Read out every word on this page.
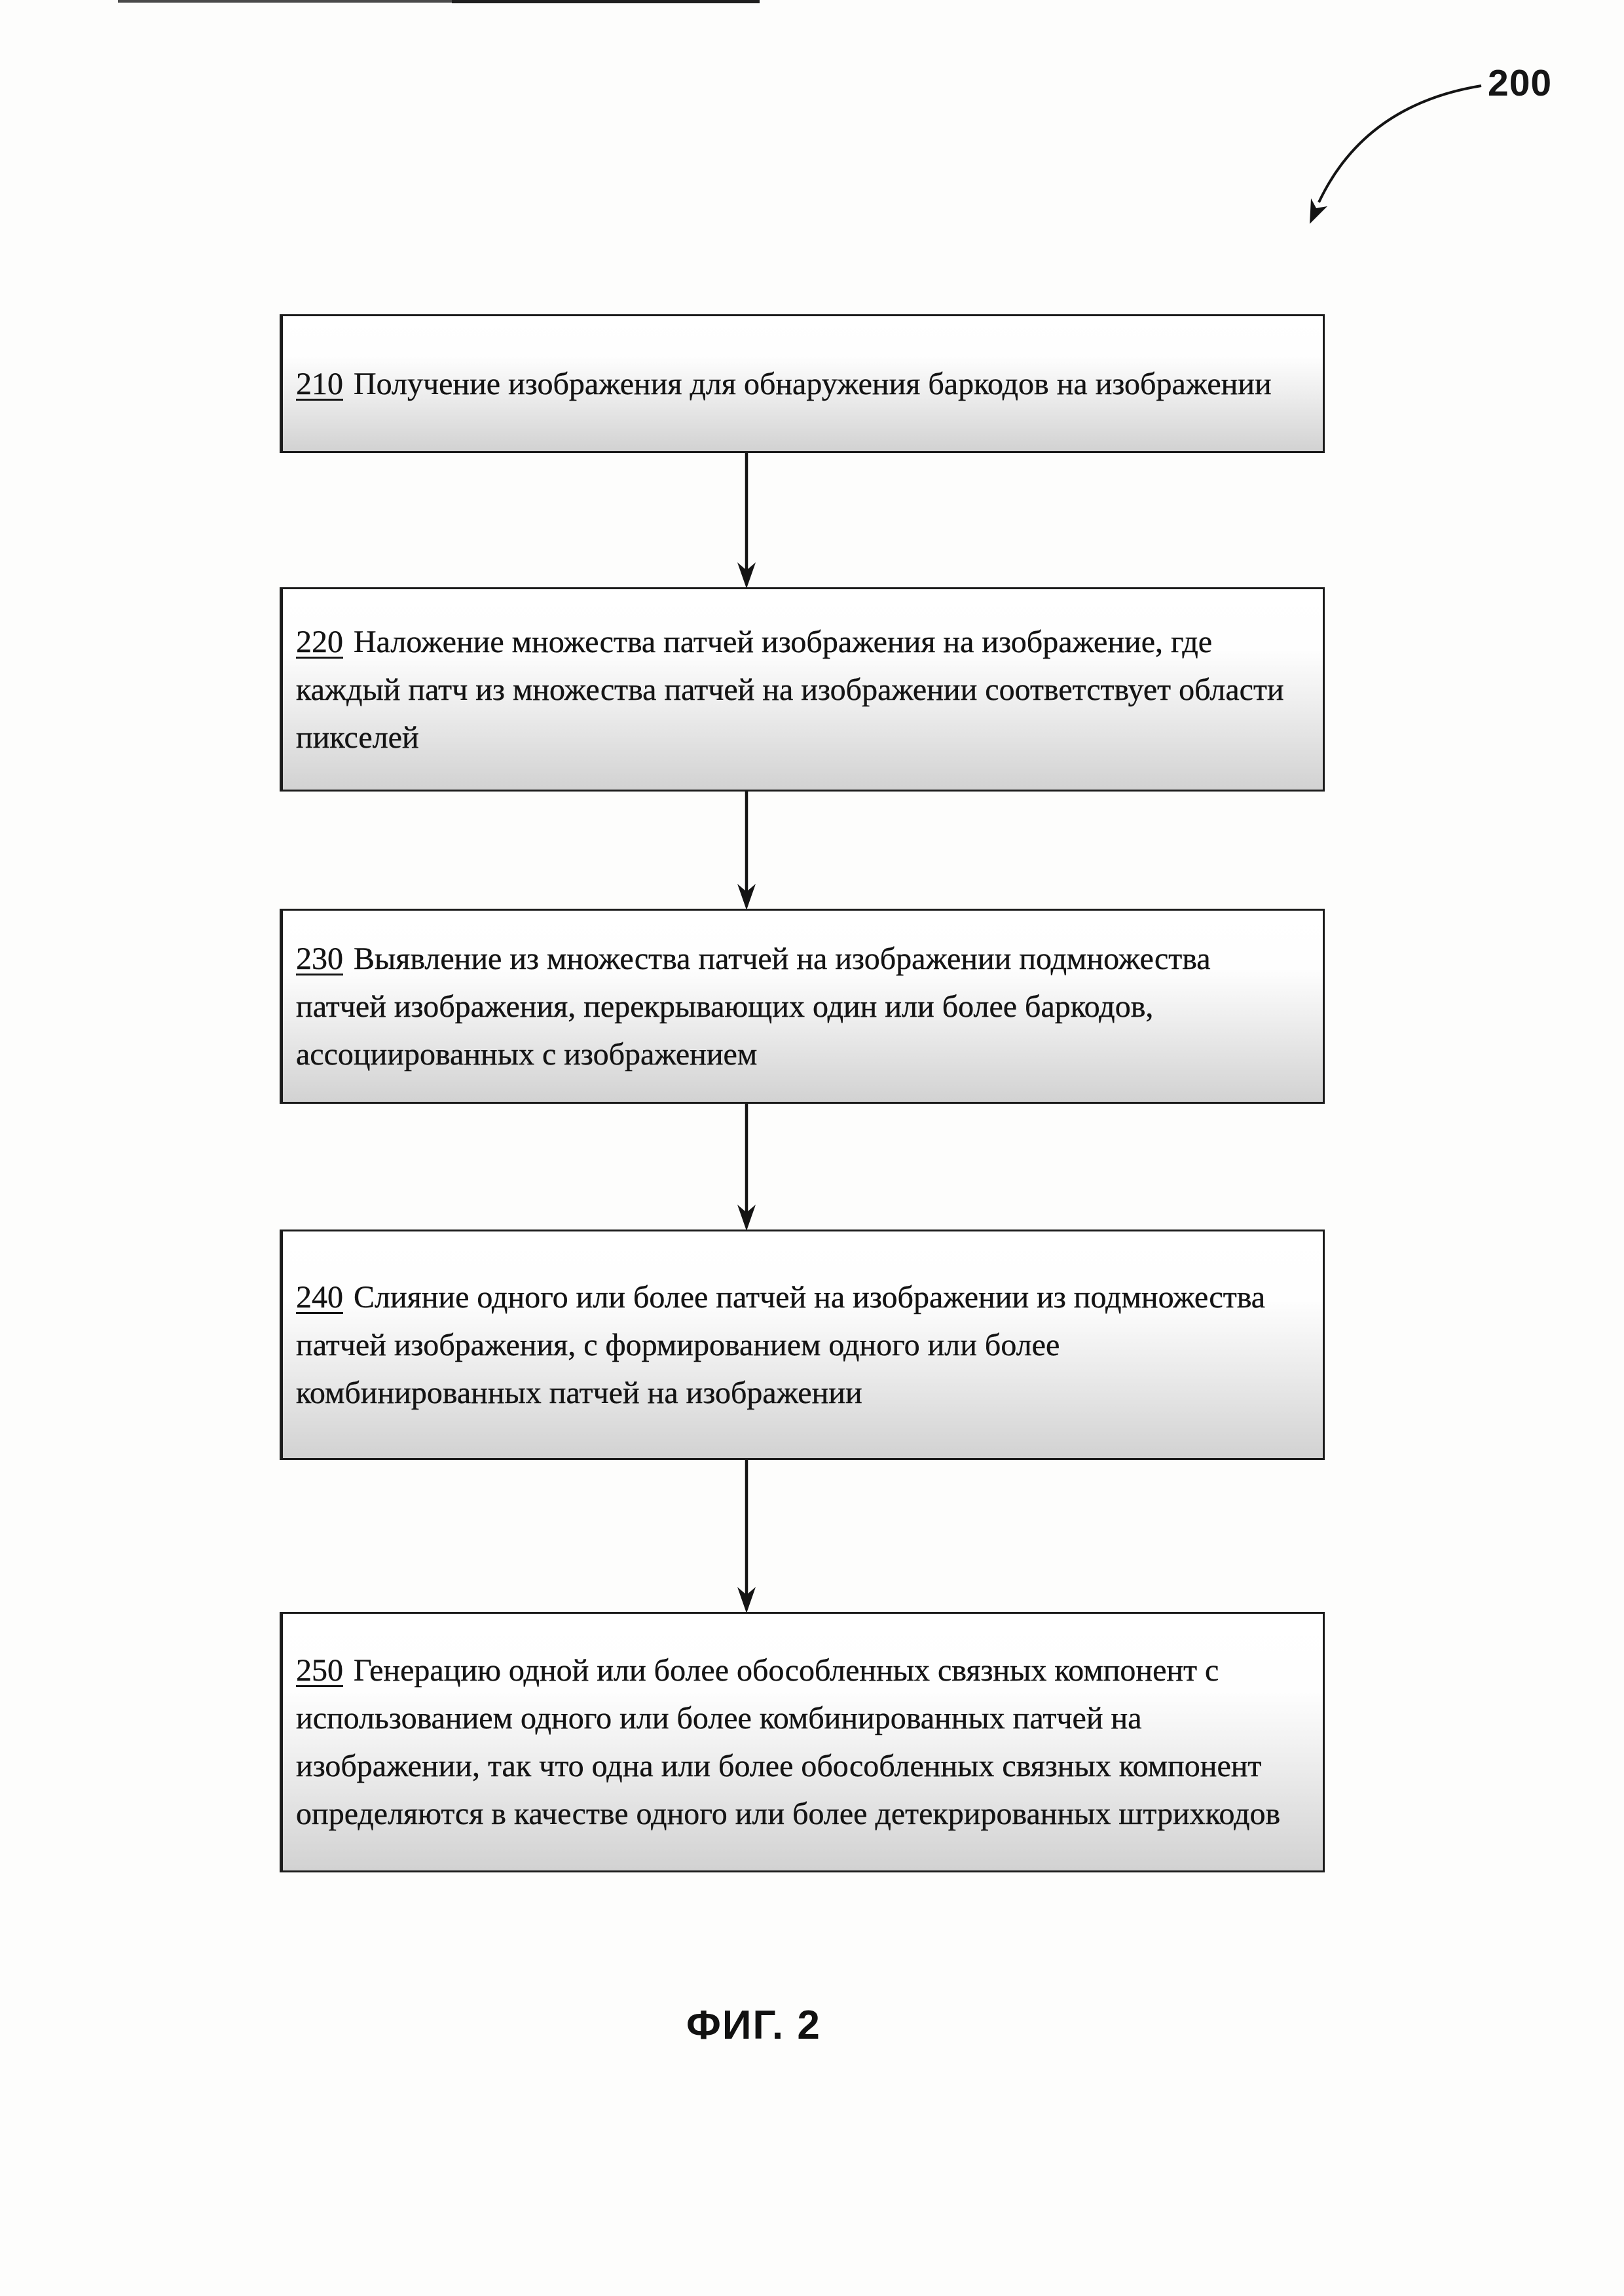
200
210 Получение изображения для обнаружения баркодов на изображении
220 Наложение множества патчей изображения на изображение, где каждый патч из множества патчей на изображении соответствует области пикселей
230 Выявление из множества патчей на изображении подмножества патчей изображения, перекрывающих один или более баркодов, ассоциированных с изображением
240 Слияние одного или более патчей на изображении из подмножества патчей изображения, с формированием одного или более комбинированных патчей на изображении
250 Генерацию одной или более обособленных связных компонент с использованием одного или более комбинированных патчей на изображении, так что одна или более обособленных связных компонент определяются в качестве одного или более детекрированных штрихкодов
ФИГ. 2
